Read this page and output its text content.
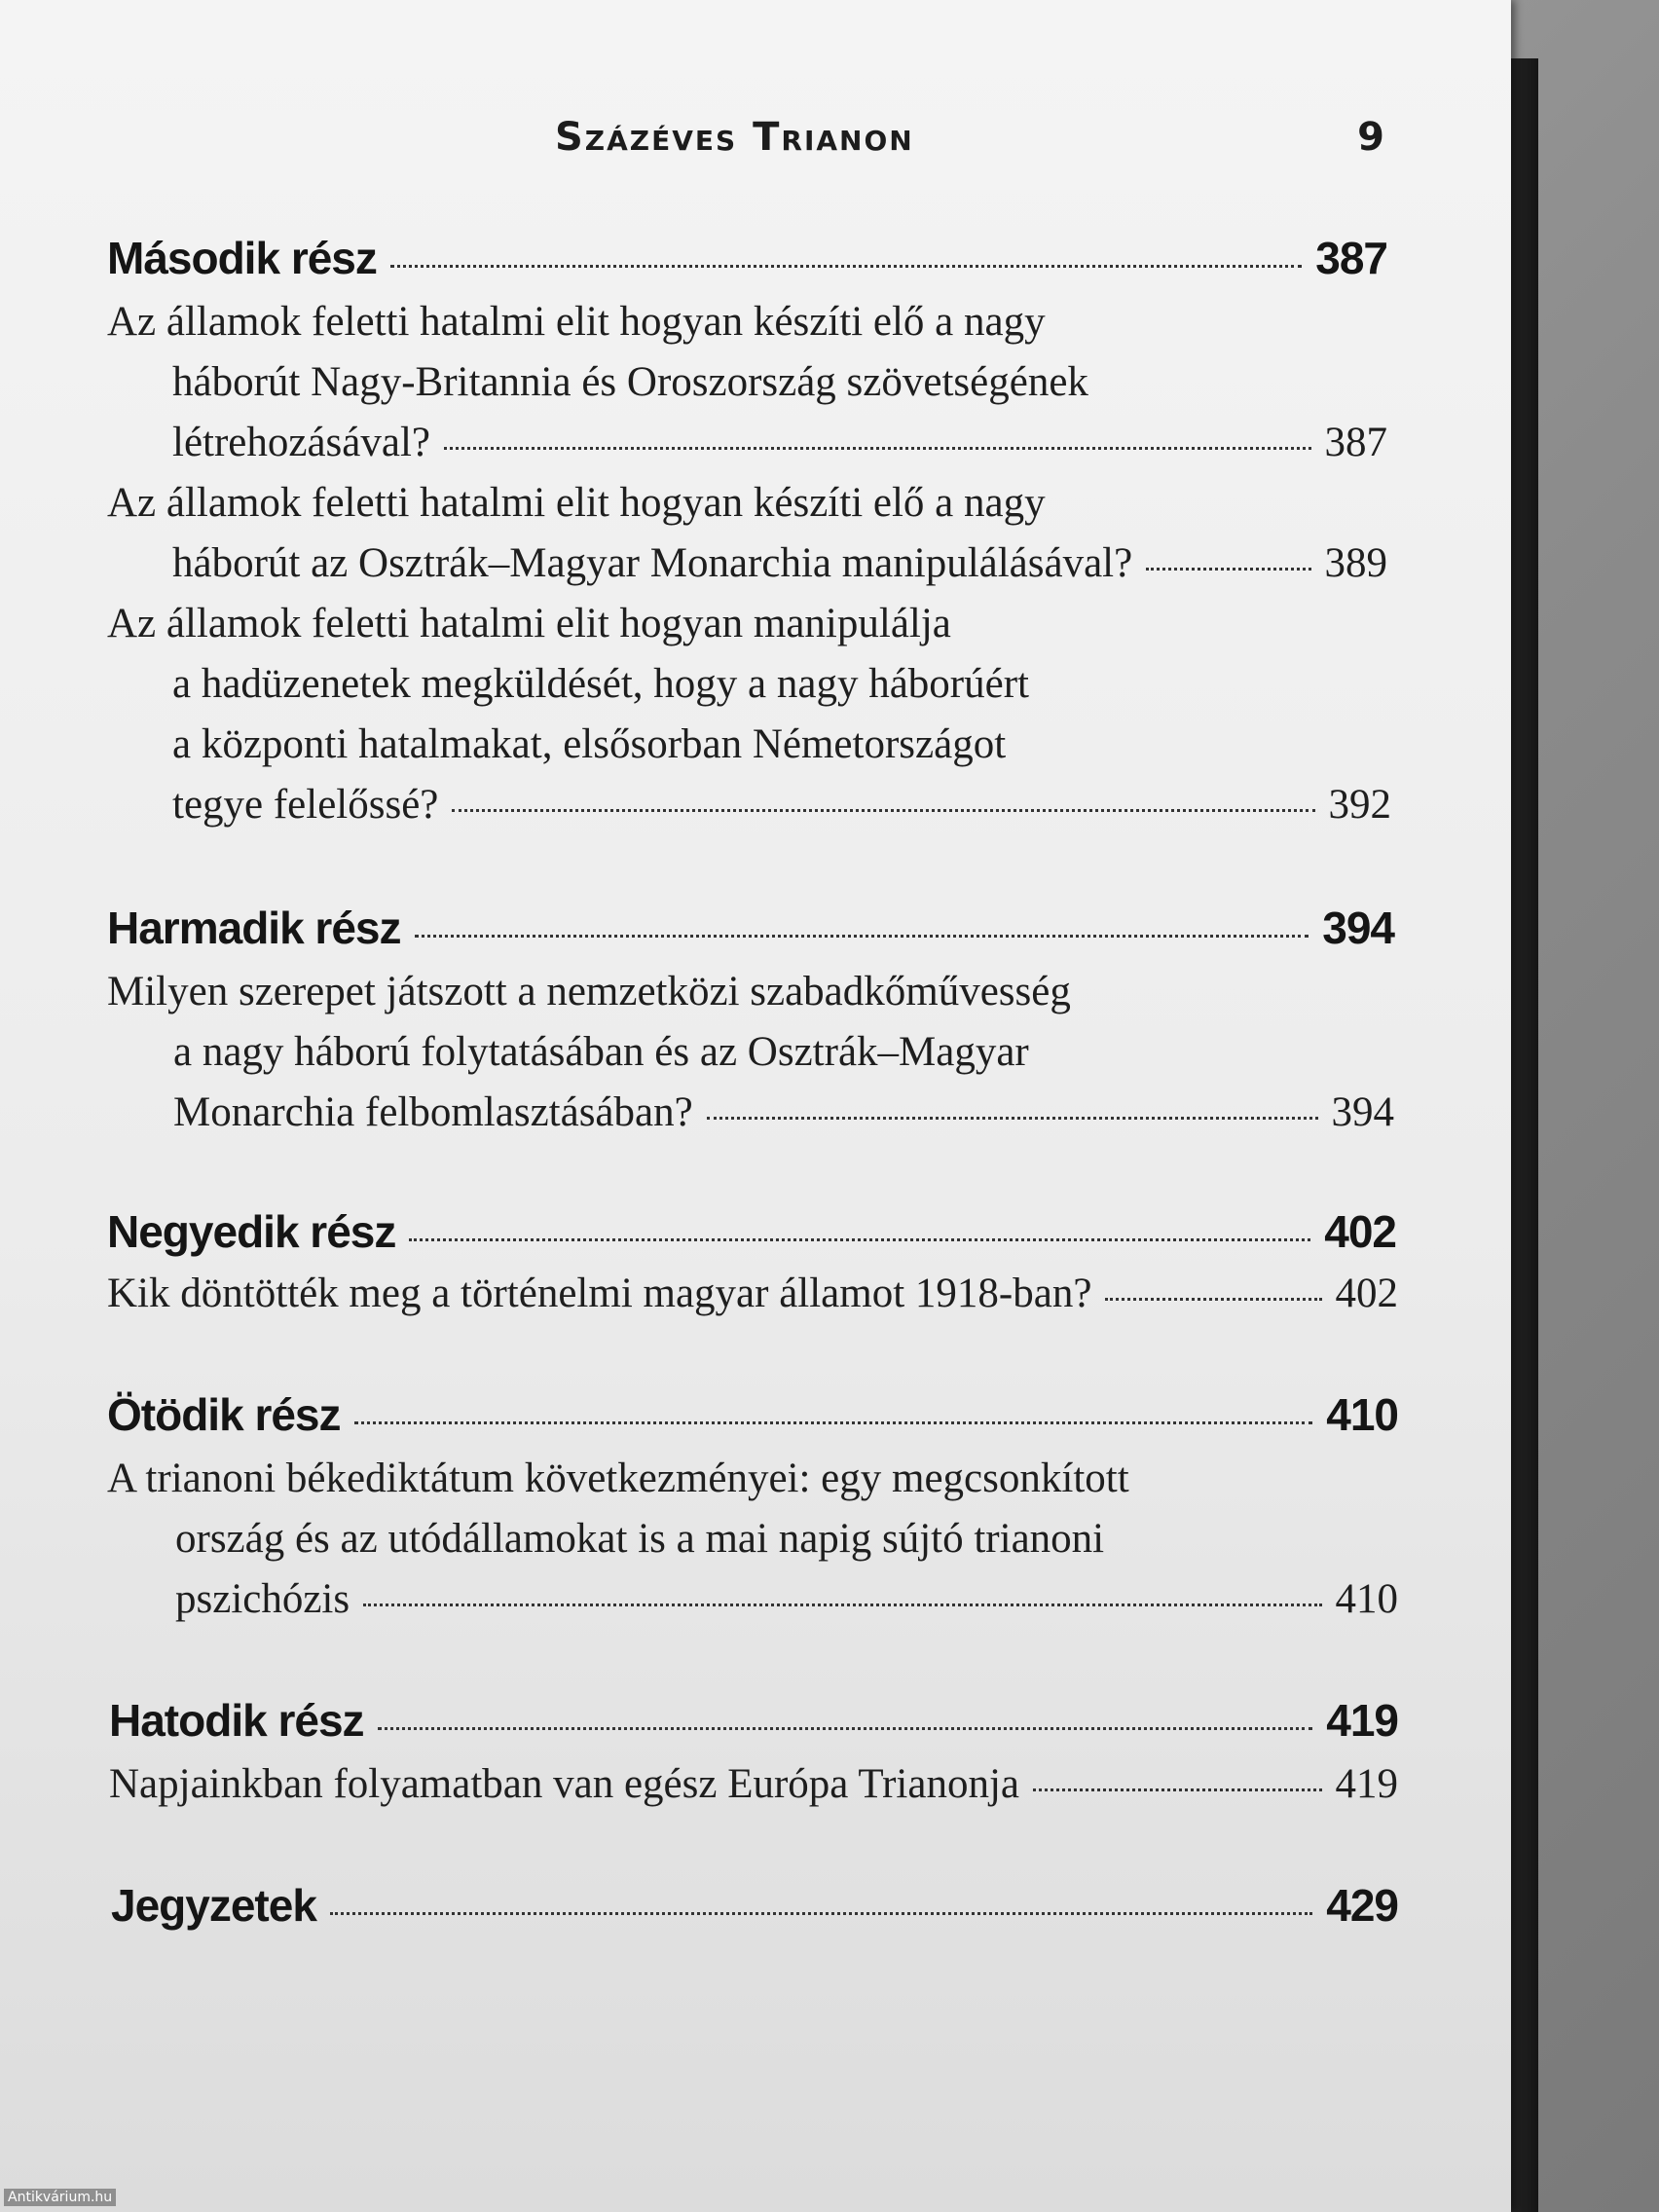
Százéves Trianon	9
Második rész	387
Az államok feletti hatalmi elit hogyan készíti elő a nagy
háborút Nagy-Britannia és Oroszország szövetségének
létrehozásával?	387
Az államok feletti hatalmi elit hogyan készíti elő a nagy
háborút az Osztrák–Magyar Monarchia manipulálásával?	389
Az államok feletti hatalmi elit hogyan manipulálja
a hadüzenetek megküldését, hogy a nagy háborúért
a központi hatalmakat, elsősorban Németországot
tegye felelőssé?	392
Harmadik rész	394
Milyen szerepet játszott a nemzetközi szabadkőművesség
a nagy háború folytatásában és az Osztrák–Magyar
Monarchia felbomlasztásában?	394
Negyedik rész	402
Kik döntötték meg a történelmi magyar államot 1918-ban?	402
Ötödik rész	410
A trianoni békediktátum következményei: egy megcsonkított
ország és az utódállamokat is a mai napig sújtó trianoni
pszichózis	410
Hatodik rész	419
Napjainkban folyamatban van egész Európa Trianonja	419
Jegyzetek	429
Antikvárium.hu
